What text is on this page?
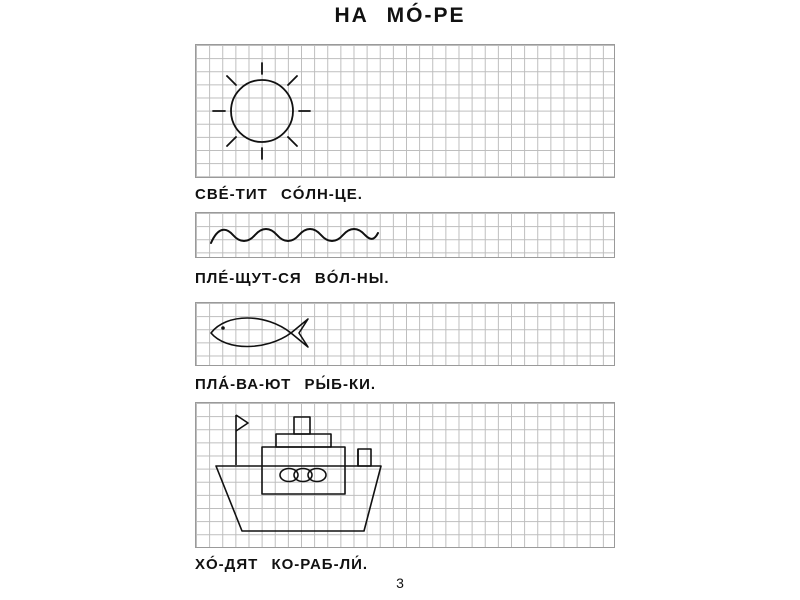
НА МÓ-РЕ
СВÉ-ТИТ СÓЛН-ЦЕ.
ПЛÉ-ЩУТ-СЯ ВÓЛ-НЫ.
ПЛÁ-ВА-ЮТ РЫ́Б-КИ.
ХÓ-ДЯТ КО-РАБ-ЛИ́.
3
